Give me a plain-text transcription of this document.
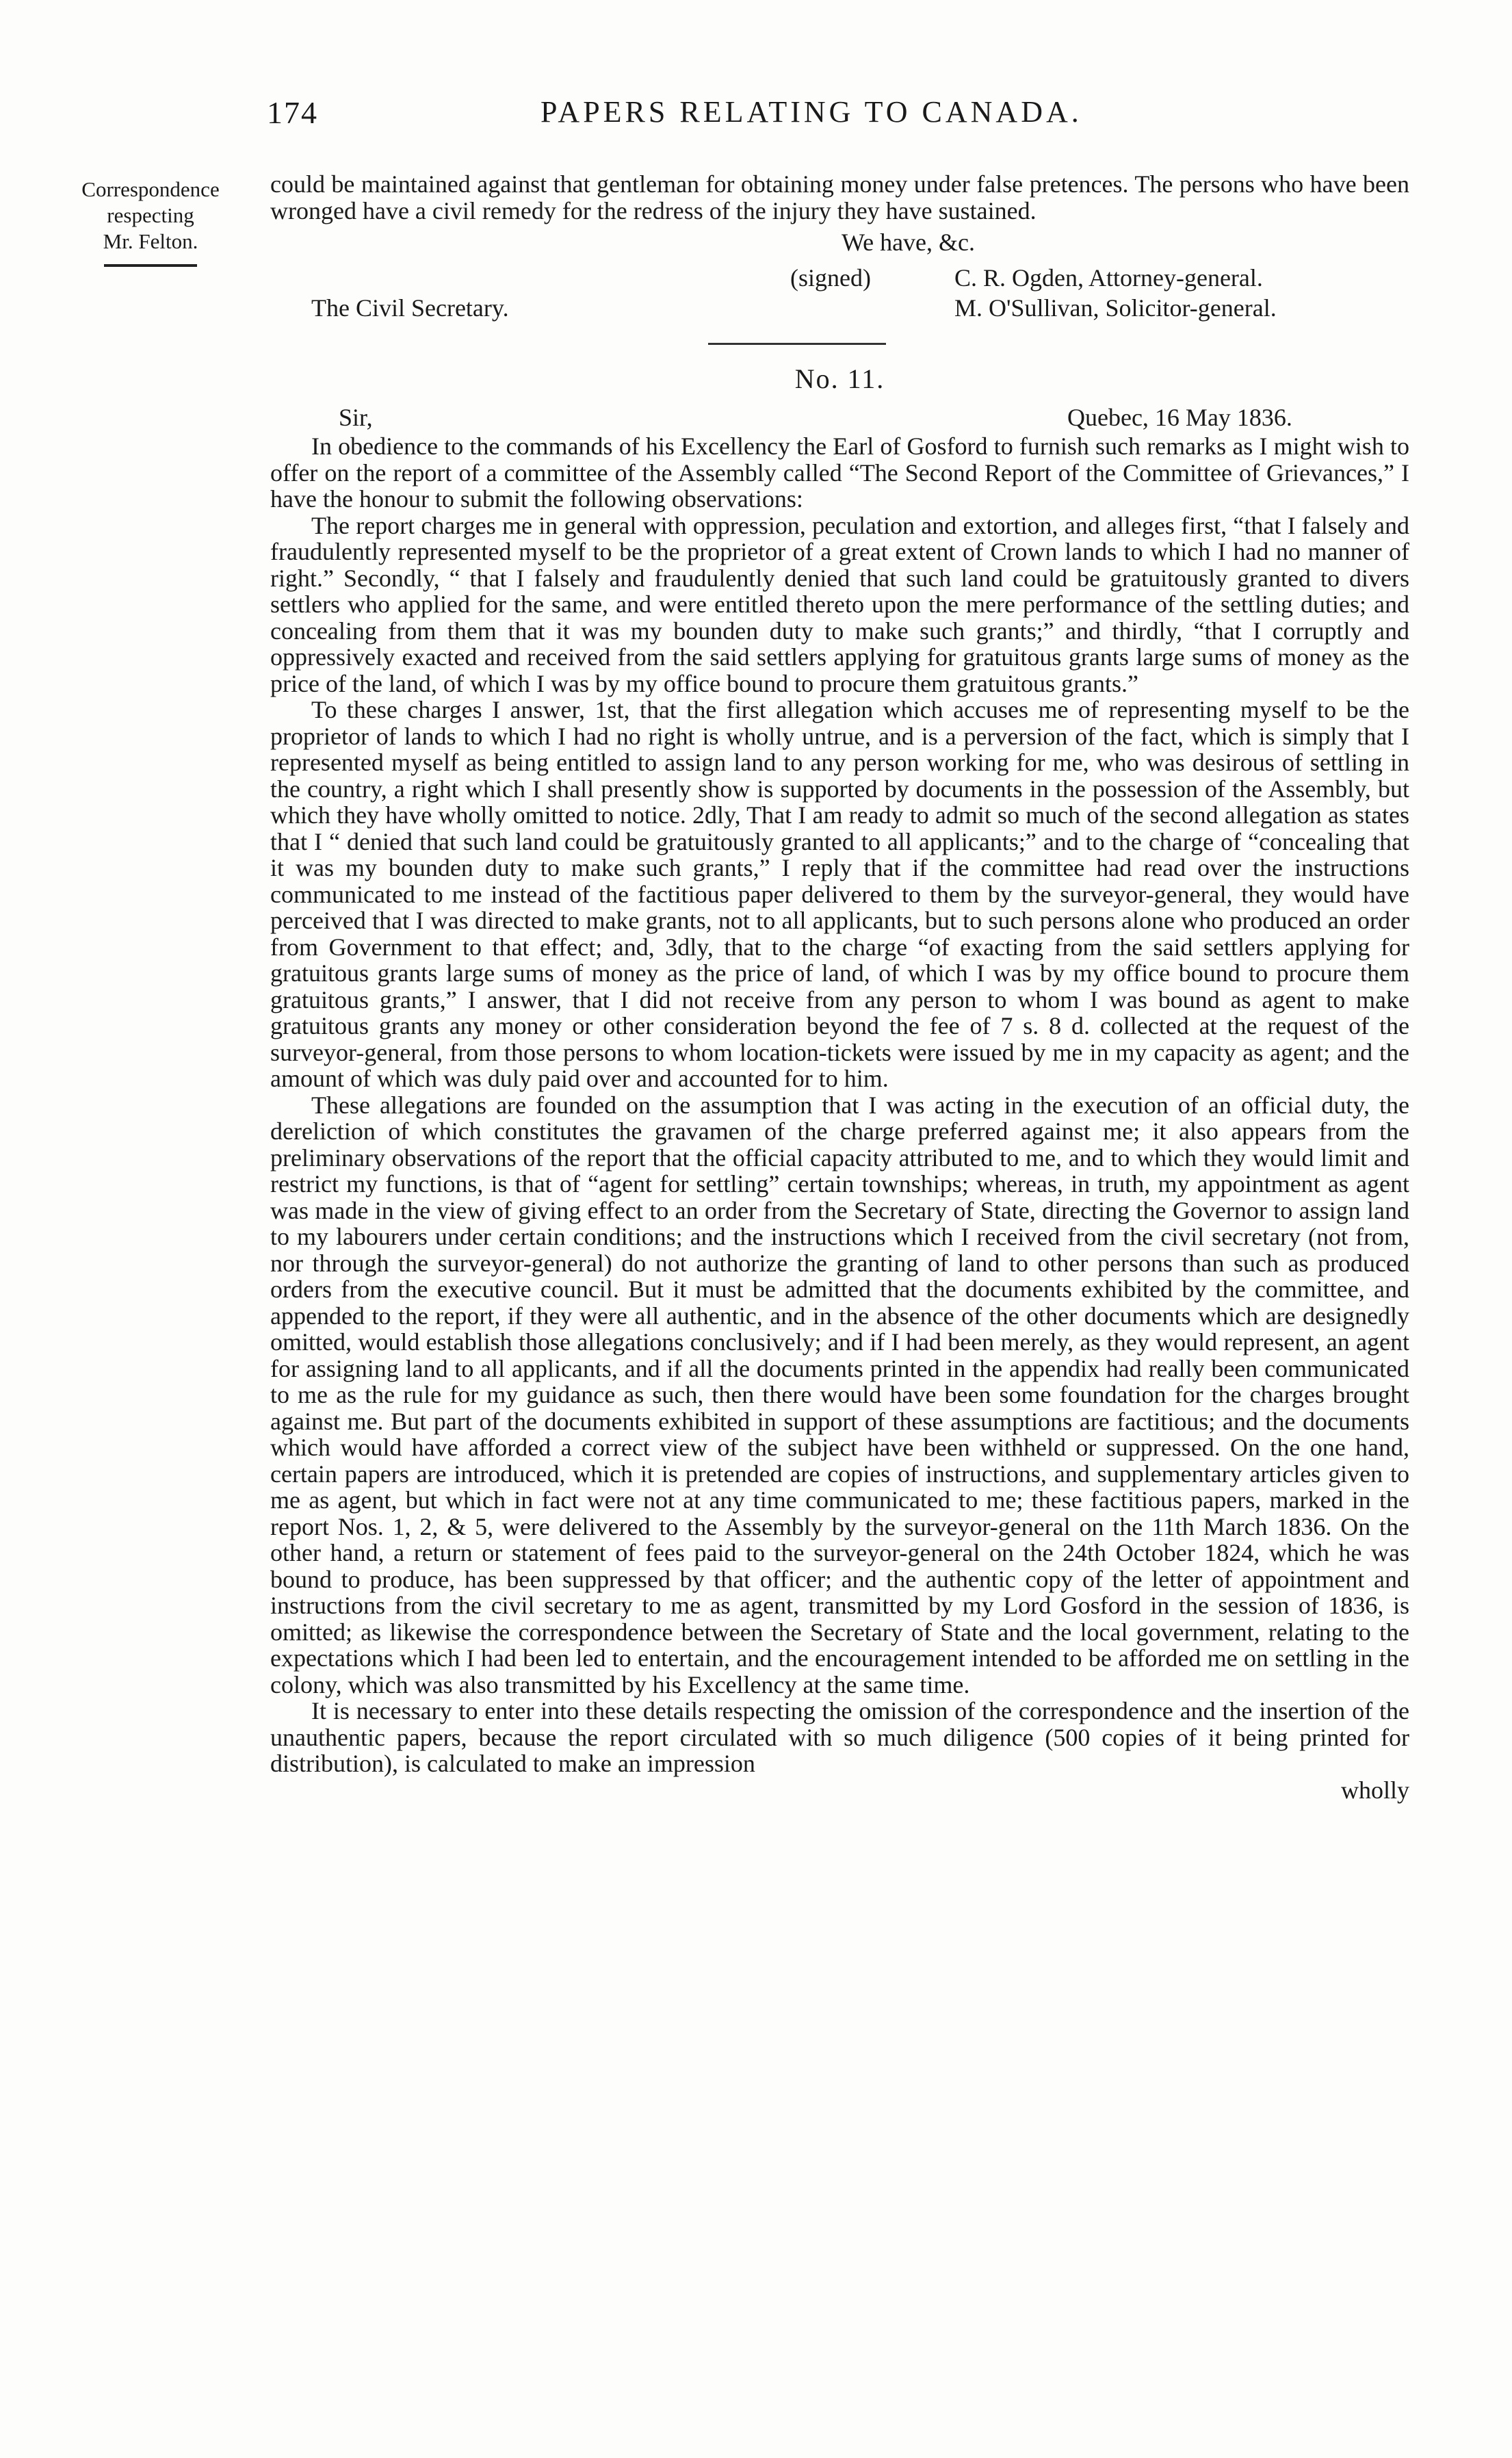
174	PAPERS RELATING TO CANADA.
Correspondence
respecting
Mr. Felton.

could be maintained against that gentleman for obtaining money under false pretences. The persons who have been wronged have a civil remedy for the redress of the injury they have sustained.

We have, &c.
(signed)	C. R. Ogden, Attorney-general.
The Civil Secretary.	M. O'Sullivan, Solicitor-general.
No. 11.
Sir,	Quebec, 16 May 1836.

In obedience to the commands of his Excellency the Earl of Gosford to furnish such remarks as I might wish to offer on the report of a committee of the Assembly called “The Second Report of the Committee of Grievances,” I have the honour to submit the following observations:

The report charges me in general with oppression, peculation and extortion, and alleges first, “that I falsely and fraudulently represented myself to be the proprietor of a great extent of Crown lands to which I had no manner of right.” Secondly, “ that I falsely and fraudulently denied that such land could be gratuitously granted to divers settlers who applied for the same, and were entitled thereto upon the mere performance of the settling duties; and concealing from them that it was my bounden duty to make such grants;” and thirdly, “that I corruptly and oppressively exacted and received from the said settlers applying for gratuitous grants large sums of money as the price of the land, of which I was by my office bound to procure them gratuitous grants.”

To these charges I answer, 1st, that the first allegation which accuses me of representing myself to be the proprietor of lands to which I had no right is wholly untrue, and is a perversion of the fact, which is simply that I represented myself as being entitled to assign land to any person working for me, who was desirous of settling in the country, a right which I shall presently show is supported by documents in the possession of the Assembly, but which they have wholly omitted to notice. 2dly, That I am ready to admit so much of the second allegation as states that I “ denied that such land could be gratuitously granted to all applicants;” and to the charge of “concealing that it was my bounden duty to make such grants,” I reply that if the committee had read over the instructions communicated to me instead of the factitious paper delivered to them by the surveyor-general, they would have perceived that I was directed to make grants, not to all applicants, but to such persons alone who produced an order from Government to that effect; and, 3dly, that to the charge “of exacting from the said settlers applying for gratuitous grants large sums of money as the price of land, of which I was by my office bound to procure them gratuitous grants,” I answer, that I did not receive from any person to whom I was bound as agent to make gratuitous grants any money or other consideration beyond the fee of 7 s. 8 d. collected at the request of the surveyor-general, from those persons to whom location-tickets were issued by me in my capacity as agent; and the amount of which was duly paid over and accounted for to him.

These allegations are founded on the assumption that I was acting in the execution of an official duty, the dereliction of which constitutes the gravamen of the charge preferred against me; it also appears from the preliminary observations of the report that the official capacity attributed to me, and to which they would limit and restrict my functions, is that of “agent for settling” certain townships; whereas, in truth, my appointment as agent was made in the view of giving effect to an order from the Secretary of State, directing the Governor to assign land to my labourers under certain conditions; and the instructions which I received from the civil secretary (not from, nor through the surveyor-general) do not authorize the granting of land to other persons than such as produced orders from the executive council. But it must be admitted that the documents exhibited by the committee, and appended to the report, if they were all authentic, and in the absence of the other documents which are designedly omitted, would establish those allegations conclusively; and if I had been merely, as they would represent, an agent for assigning land to all applicants, and if all the documents printed in the appendix had really been communicated to me as the rule for my guidance as such, then there would have been some foundation for the charges brought against me. But part of the documents exhibited in support of these assumptions are factitious; and the documents which would have afforded a correct view of the subject have been withheld or suppressed. On the one hand, certain papers are introduced, which it is pretended are copies of instructions, and supplementary articles given to me as agent, but which in fact were not at any time communicated to me; these factitious papers, marked in the report Nos. 1, 2, & 5, were delivered to the Assembly by the surveyor-general on the 11th March 1836. On the other hand, a return or statement of fees paid to the surveyor-general on the 24th October 1824, which he was bound to produce, has been suppressed by that officer; and the authentic copy of the letter of appointment and instructions from the civil secretary to me as agent, transmitted by my Lord Gosford in the session of 1836, is omitted; as likewise the correspondence between the Secretary of State and the local government, relating to the expectations which I had been led to entertain, and the encouragement intended to be afforded me on settling in the colony, which was also transmitted by his Excellency at the same time.

It is necessary to enter into these details respecting the omission of the correspondence and the insertion of the unauthentic papers, because the report circulated with so much diligence (500 copies of it being printed for distribution), is calculated to make an impression

wholly
